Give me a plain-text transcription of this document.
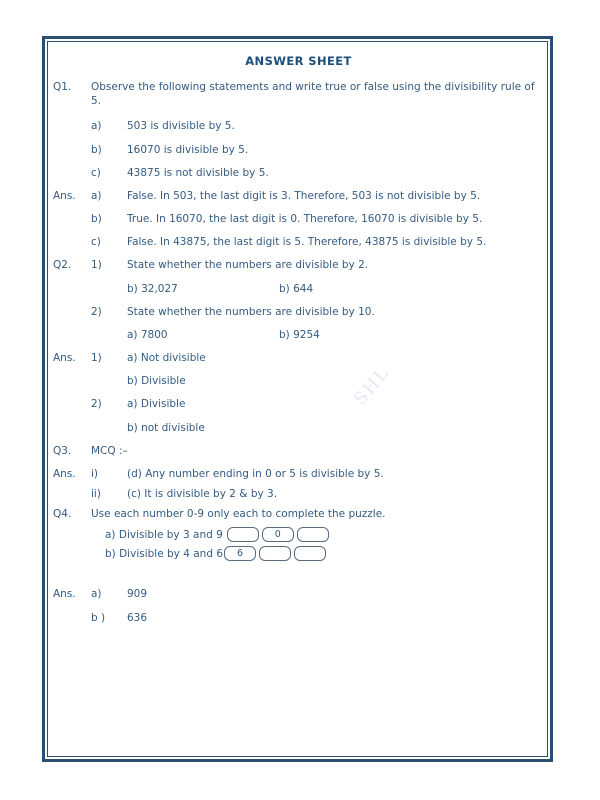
ANSWER SHEET
Q1.	Observe the following statements and write true or false using the divisibility rule of 5.
a)	503 is divisible by 5.
b)	16070 is divisible by 5.
c)	43875 is not divisible by 5.
Ans.	a)	False. In 503, the last digit is 3. Therefore, 503 is not divisible by 5.
b)	True. In 16070, the last digit is 0. Therefore, 16070 is divisible by 5.
c)	False. In 43875, the last digit is 5. Therefore, 43875 is divisible by 5.
Q2.	1)	State whether the numbers are divisible by 2.
b) 32,027	b) 644
2)	State whether the numbers are divisible by 10.
a) 7800	b) 9254
Ans.	1)	a) Not divisible
b) Divisible
2)	a) Divisible
b) not divisible
Q3.	MCQ :–
Ans.	i)	(d) Any number ending in 0 or 5 is divisible by 5.
ii)	(c) It is divisible by 2 & by 3.
Q4.	Use each number 0-9 only each to complete the puzzle.
a) Divisible by 3 and 9	0
b) Divisible by 4 and 6	6
Ans.	a)	909
b )	636
SHL
